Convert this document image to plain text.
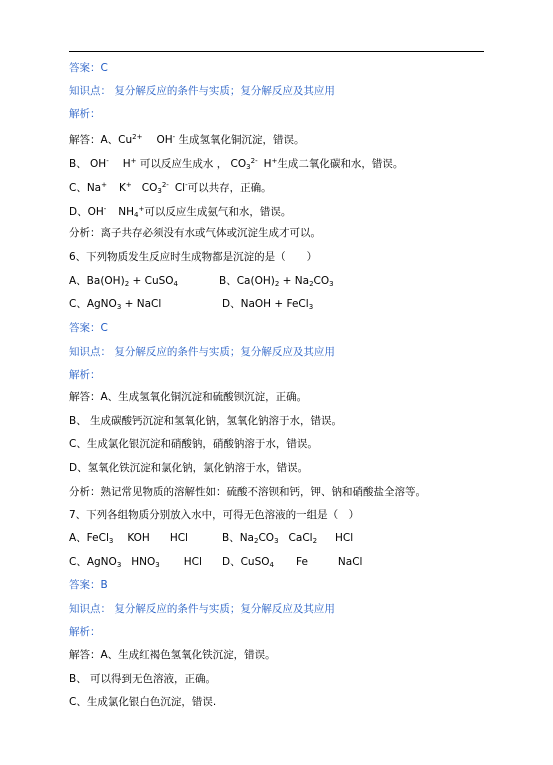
答案：C
知识点： 复分解反应的条件与实质；复分解反应及其应用
解析：
解答：A、$Cu^{2+}$ OH- 生成氢氧化铜沉淀，错误。
B、 OH- H+ 可以反应生成水 ， $CO_3^{2-}$ H+生成二氧化碳和水，错误。
C、Na+ K+ $CO_3^{2-}$ Cl-可以共存，正确。
D、OH- $NH_4^+$可以反应生成氨气和水，错误。
分析：离子共存必须没有水或气体或沉淀生成才可以。
6、下列物质发生反应时生成物都是沉淀的是（　　）
A、$Ba(OH)_2$ + CuSO$_4$	B、$Ca(OH)_2 + Na_2CO_3$
C、AgNO$_3$ + NaCl	D、NaOH + FeCl$_3$
答案：C
知识点： 复分解反应的条件与实质；复分解反应及其应用
解析：
解答：A、生成氢氧化铜沉淀和硫酸钡沉淀，正确。
B、 生成碳酸钙沉淀和氢氧化钠，氢氧化钠溶于水，错误。
C、生成氯化银沉淀和硝酸钠，硝酸钠溶于水，错误。
D、氢氧化铁沉淀和氯化钠，氯化钠溶于水，错误。
分析：熟记常见物质的溶解性如：硫酸不溶钡和钙，钾、钠和硝酸盐全溶等。
7、下列各组物质分别放入水中，可得无色溶液的一组是（　）
A、FeCl$_3$ KOH HCl	B、$Na_2CO_3$ CaCl$_2$ HCl
C、AgNO$_3$ $HNO_3$ HCl D、CuSO$_4$ Fe	NaCl
答案：B
知识点： 复分解反应的条件与实质；复分解反应及其应用
解析：
解答：A、生成红褐色氢氧化铁沉淀，错误。
B、 可以得到无色溶液，正确。
C、生成氯化银白色沉淀，错误.
